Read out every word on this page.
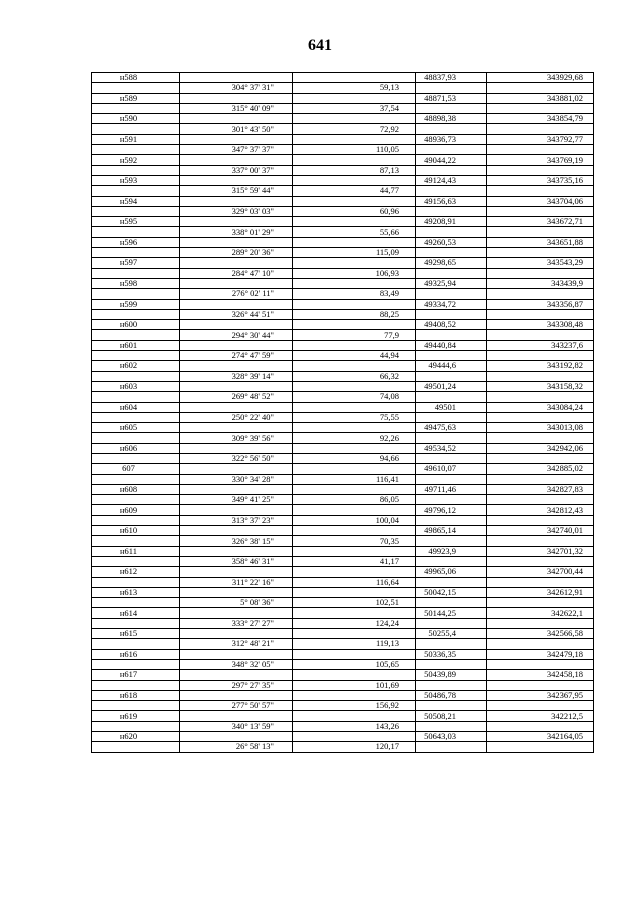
641
н588			48837,93	343929,68
	304° 37' 31"	59,13		
н589			48871,53	343881,02
	315° 40' 09"	37,54		
н590			48898,38	343854,79
	301° 43' 50"	72,92		
н591			48936,73	343792,77
	347° 37' 37"	110,05		
н592			49044,22	343769,19
	337° 00' 37"	87,13		
н593			49124,43	343735,16
	315° 59' 44"	44,77		
н594			49156,63	343704,06
	329° 03' 03"	60,96		
н595			49208,91	343672,71
	338° 01' 29"	55,66		
н596			49260,53	343651,88
	289° 20' 36"	115,09		
н597			49298,65	343543,29
	284° 47' 10"	106,93		
н598			49325,94	343439,9
	276° 02' 11"	83,49		
н599			49334,72	343356,87
	326° 44' 51"	88,25		
н600			49408,52	343308,48
	294° 30' 44"	77,9		
н601			49440,84	343237,6
	274° 47' 59"	44,94		
н602			49444,6	343192,82
	328° 39' 14"	66,32		
н603			49501,24	343158,32
	269° 48' 52"	74,08		
н604			49501	343084,24
	250° 22' 40"	75,55		
н605			49475,63	343013,08
	309° 39' 56"	92,26		
н606			49534,52	342942,06
	322° 56' 50"	94,66		
607			49610,07	342885,02
	330° 34' 28"	116,41		
н608			49711,46	342827,83
	349° 41' 25"	86,05		
н609			49796,12	342812,43
	313° 37' 23"	100,04		
н610			49865,14	342740,01
	326° 38' 15"	70,35		
н611			49923,9	342701,32
	358° 46' 31"	41,17		
н612			49965,06	342700,44
	311° 22' 16"	116,64		
н613			50042,15	342612,91
	5° 08' 36"	102,51		
н614			50144,25	342622,1
	333° 27' 27"	124,24		
н615			50255,4	342566,58
	312° 48' 21"	119,13		
н616			50336,35	342479,18
	348° 32' 05"	105,65		
н617			50439,89	342458,18
	297° 27' 35"	101,69		
н618			50486,78	342367,95
	277° 50' 57"	156,92		
н619			50508,21	342212,5
	340° 13' 59"	143,26		
н620			50643,03	342164,05
	26° 58' 13"	120,17		
